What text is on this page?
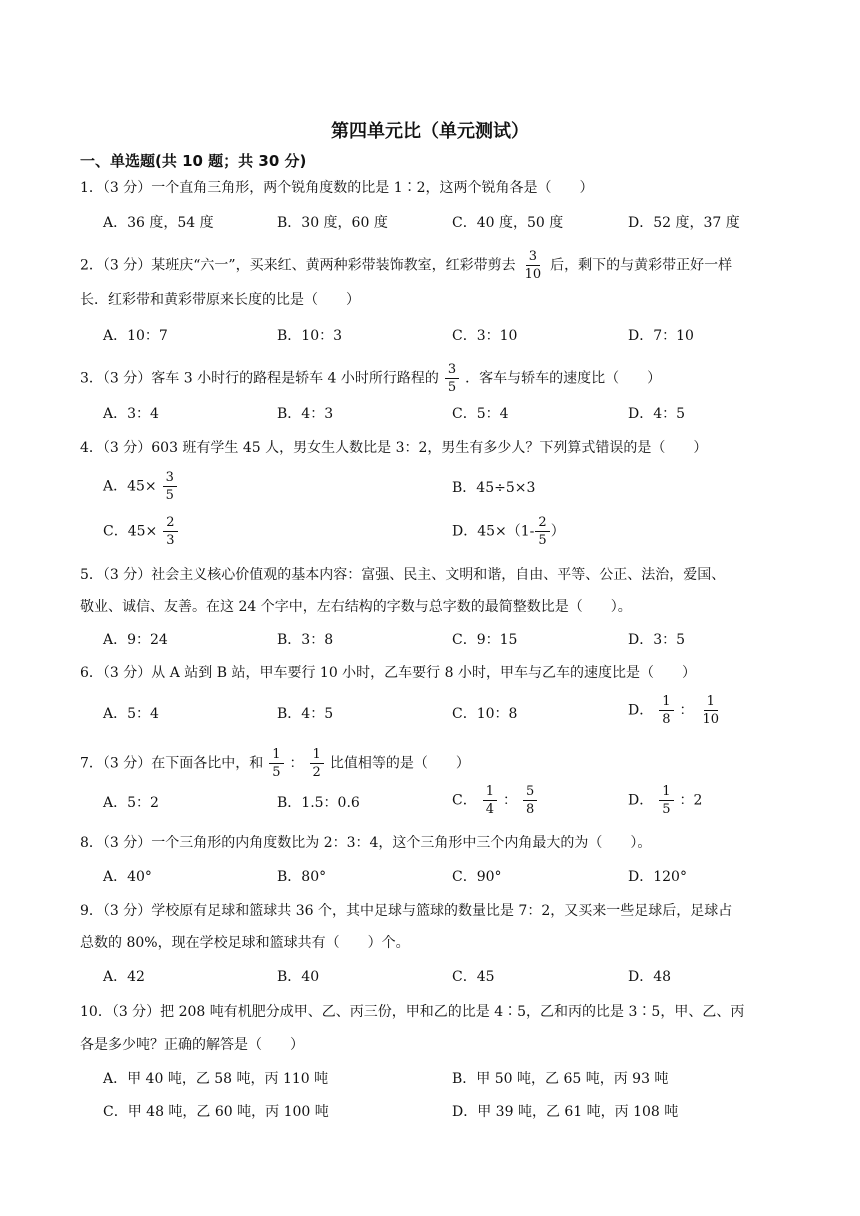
第四单元比（单元测试）
一、单选题(共 10 题；共 30 分)
1．（3 分）一个直角三角形，两个锐角度数的比是 1∶2，这两个锐角各是（　　）
A．36 度，54 度	B．30 度，60 度	C．40 度，50 度	D．52 度，37 度
2．（3 分）某班庆“六一”，买来红、黄两种彩带装饰教室，红彩带剪去 $\frac{3}{10}$ 后，剩下的与黄彩带正好一样
长．红彩带和黄彩带原来长度的比是（　　）
A．10：7	B．10：3	C．3：10	D．7：10
3．（3 分）客车 3 小时行的路程是轿车 4 小时所行路程的 $\frac{3}{5}$ ．客车与轿车的速度比（　　）
A．3：4	B．4：3	C．5：4	D．4：5
4．（3 分）603 班有学生 45 人，男女生人数比是 3：2，男生有多少人？下列算式错误的是（　　）
A．$45\times \frac{3}{5}$	B．45÷5×3
C．$45\times \frac{2}{3}$	D．$45\times(1- \frac{2}{5}$ ）
5．（3 分）社会主义核心价值观的基本内容：富强、民主、文明和谐，自由、平等、公正、法治，爱国、
敬业、诚信、友善。在这 24 个字中，左右结构的字数与总字数的最简整数比是（　　）。
A．9：24	B．3：8	C．9：15	D．3：5
6．（3 分）从 A 站到 B 站，甲车要行 10 小时，乙车要行 8 小时，甲车与乙车的速度比是（　　）
A．5：4	B．4：5	C．10：8	D． $\frac{1}{8}$ ： $\frac{1}{10}$
7．（3 分）在下面各比中，和 $\frac{1}{5}$ ： $\frac{1}{2}$ 比值相等的是（　　）
A．5：2	B．1.5：0.6	C． $\frac{1}{4}$ ： $\frac{5}{8}$	D． $\frac{1}{5}$ ：2
8．（3 分）一个三角形的内角度数比为 2：3：4，这个三角形中三个内角最大的为（　　）。
A．40°	B．80°	C．90°	D．120°
9．（3 分）学校原有足球和篮球共 36 个，其中足球与篮球的数量比是 7：2，又买来一些足球后，足球占
总数的 80%，现在学校足球和篮球共有（　　）个。
A．42	B．40	C．45	D．48
10．（3 分）把 208 吨有机肥分成甲、乙、丙三份，甲和乙的比是 4∶5，乙和丙的比是 3∶5，甲、乙、丙
各是多少吨？正确的解答是（　　）
A．甲 40 吨，乙 58 吨，丙 110 吨	B．甲 50 吨，乙 65 吨，丙 93 吨
C．甲 48 吨，乙 60 吨，丙 100 吨	D．甲 39 吨，乙 61 吨，丙 108 吨
